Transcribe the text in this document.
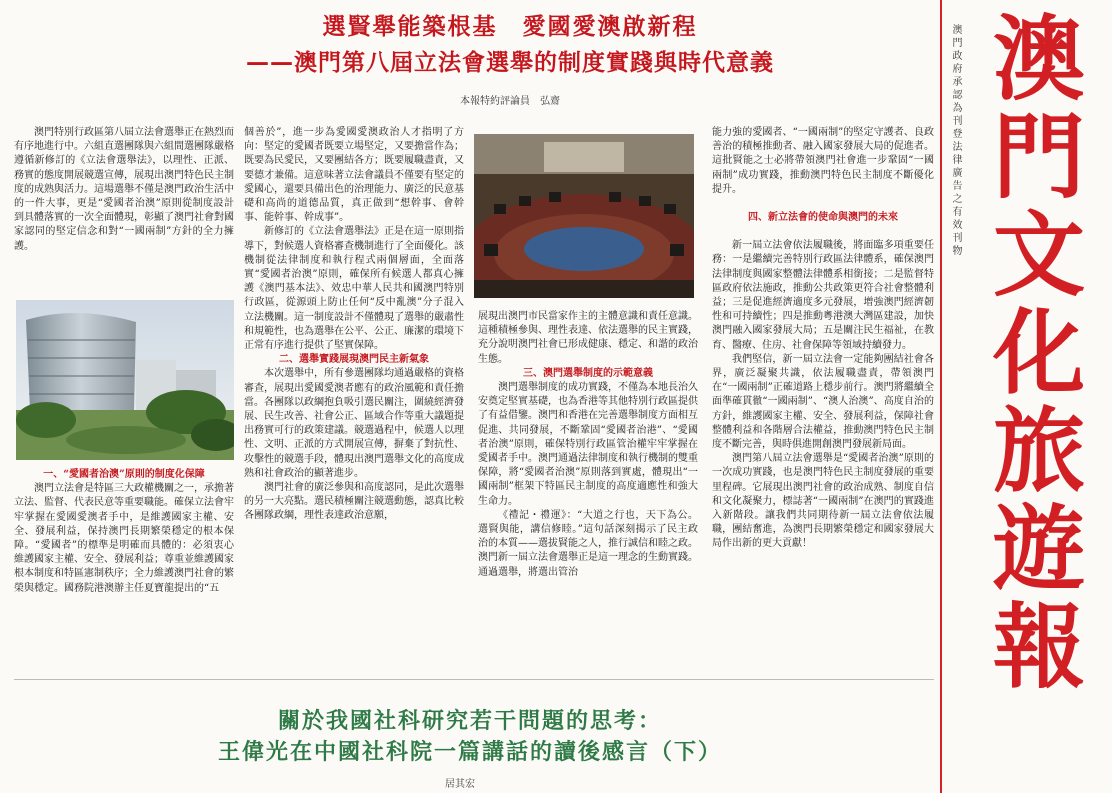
選賢舉能築根基　愛國愛澳啟新程
——澳門第八屆立法會選舉的制度實踐與時代意義
本報特約評論員　弘齋

澳門特別行政區第八屆立法會選舉正在熱烈而有序地進行中。六組直選團隊與六組間選團隊嚴格遵循新修訂的《立法會選舉法》，以理性、正派、務實的態度開展競選宣傳，展現出澳門特色民主制度的成熟與活力。這場選舉不僅是澳門政治生活中的一件大事，更是“愛國者治澳”原則從制度設計到具體落實的一次全面體現，彰顯了澳門社會對國家認同的堅定信念和對“一國兩制”方針的全力擁護。

一、“愛國者治澳”原則的制度化保障

澳門立法會是特區三大政權機關之一，承擔著立法、監督、代表民意等重要職能。確保立法會牢牢掌握在愛國愛澳者手中，是維護國家主權、安全、發展利益，保持澳門長期繁榮穩定的根本保障。“愛國者”的標準是明確而具體的：必須衷心維護國家主權、安全、發展利益；尊重並維護國家根本制度和特區憲制秩序；全力維護澳門社會的繁榮與穩定。國務院港澳辦主任夏寶龍提出的“五

個善於”，進一步為愛國愛澳政治人才指明了方向：堅定的愛國者既要立場堅定，又要擔當作為；既要為民愛民，又要團結各方；既要履職盡責，又要德才兼備。這意味著立法會議員不僅要有堅定的愛國心，還要具備出色的治理能力、廣泛的民意基礎和高尚的道德品質，真正做到“想幹事、會幹事、能幹事、幹成事”。

新修訂的《立法會選舉法》正是在這一原則指導下，對候選人資格審查機制進行了全面優化。該機制從法律制度和執行程式兩個層面，全面落實“愛國者治澳”原則，確保所有候選人都真心擁護《澳門基本法》、效忠中華人民共和國澳門特別行政區，從源頭上防止任何“反中亂澳”分子混入立法機關。這一制度設計不僅體現了選舉的嚴肅性和規範性，也為選舉在公平、公正、廉潔的環境下正常有序進行提供了堅實保障。

二、選舉實踐展現澳門民主新氣象

本次選舉中，所有參選團隊均通過嚴格的資格審查，展現出愛國愛澳者應有的政治風範和責任擔當。各團隊以政綱抱負吸引選民關注，圍繞經濟發展、民生改善、社會公正、區域合作等重大議題提出務實可行的政策建議。競選過程中，候選人以理性、文明、正派的方式開展宣傳，摒棄了對抗性、攻擊性的競選手段，體現出澳門選舉文化的高度成熟和社會政治的顯著進步。

澳門社會的廣泛參與和高度認同，是此次選舉的另一大亮點。選民積極關注競選動態，認真比較各團隊政綱，理性表達政治意願，

展現出澳門市民當家作主的主體意識和責任意識。這種積極參與、理性表達、依法選舉的民主實踐，充分說明澳門社會已形成健康、穩定、和諧的政治生態。

三、澳門選舉制度的示範意義

澳門選舉制度的成功實踐，不僅為本地長治久安奠定堅實基礎，也為香港等其他特別行政區提供了有益借鑒。澳門和香港在完善選舉制度方面相互促進、共同發展，不斷鞏固“愛國者治港”、“愛國者治澳”原則，確保特別行政區管治權牢牢掌握在愛國者手中。澳門通過法律制度和執行機制的雙重保障，將“愛國者治澳”原則落到實處，體現出“一國兩制”框架下特區民主制度的高度適應性和強大生命力。

《禮記・禮運》：“大道之行也，天下為公。選賢與能，講信修睦。”這句話深刻揭示了民主政治的本質——選拔賢能之人，推行誠信和睦之政。澳門新一屆立法會選舉正是這一理念的生動實踐。通過選舉，將選出管治

能力強的愛國者、“一國兩制”的堅定守護者、良政善治的積極推動者、融入國家發展大局的促進者。這批賢能之士必將帶領澳門社會進一步鞏固“一國兩制”成功實踐，推動澳門特色民主制度不斷優化提升。

四、新立法會的使命與澳門的未來

新一屆立法會依法履職後，將面臨多項重要任務：一是繼續完善特別行政區法律體系，確保澳門法律制度與國家整體法律體系相銜接；二是監督特區政府依法施政，推動公共政策更符合社會整體利益；三是促進經濟適度多元發展，增強澳門經濟韌性和可持續性；四是推動粵港澳大灣區建設，加快澳門融入國家發展大局；五是關注民生福祉，在教育、醫療、住房、社會保障等領域持續發力。

我們堅信，新一屆立法會一定能夠團結社會各界，廣泛凝聚共識，依法履職盡責，帶領澳門在“一國兩制”正確道路上穩步前行。澳門將繼續全面準確貫徹“一國兩制”、“澳人治澳”、高度自治的方針，維護國家主權、安全、發展利益，保障社會整體利益和各階層合法權益，推動澳門特色民主制度不斷完善，與時俱進開創澳門發展新局面。

澳門第八屆立法會選舉是“愛國者治澳”原則的一次成功實踐，也是澳門特色民主制度發展的重要里程碑。它展現出澳門社會的政治成熟、制度自信和文化凝聚力，標誌著“一國兩制”在澳門的實踐進入新階段。讓我們共同期待新一屆立法會依法履職，團結奮進，為澳門長期繁榮穩定和國家發展大局作出新的更大貢獻！

關於我國社科研究若干問題的思考：
王偉光在中國社科院一篇講話的讀後感言（下）
居其宏
澳門政府承認為刊登法律廣告之有效刊物 澳門文化旅遊報
